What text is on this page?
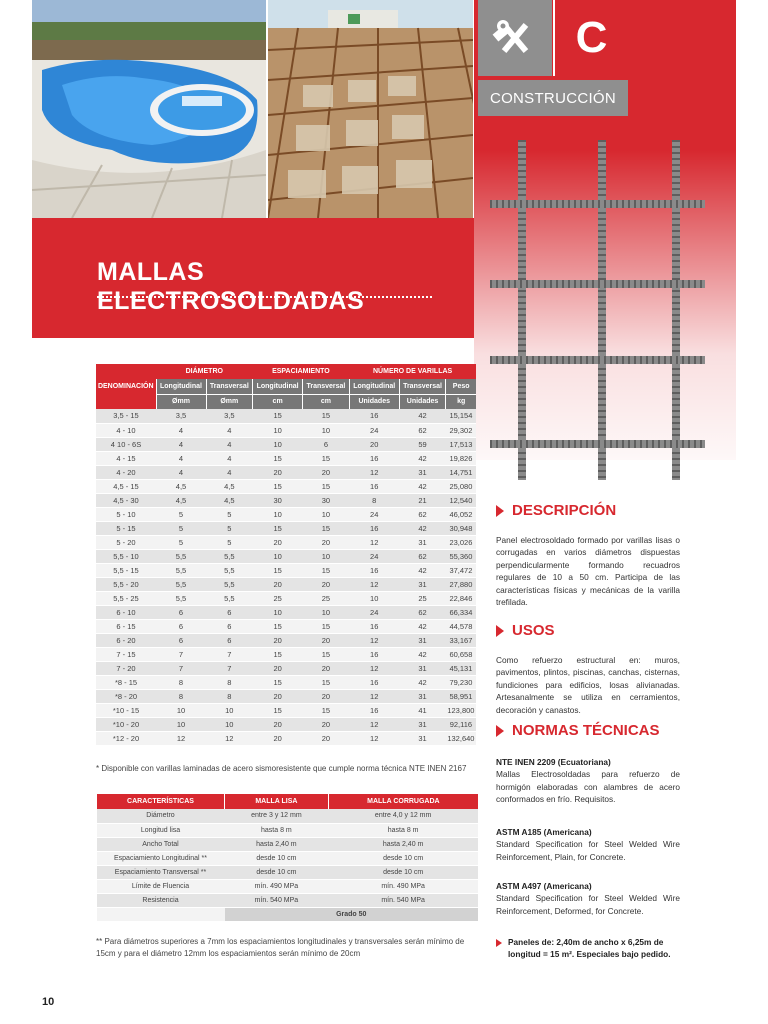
MALLAS ELECTROSOLDADAS
C
CONSTRUCCIÓN
DENOMINACIÓN	DIÁMETRO		ESPACIAMIENTO		NÚMERO DE VARILLAS		
	Longitudinal	Transversal	Longitudinal	Transversal	Longitudinal	Transversal	Peso
	Ømm	Ømm	cm	cm	Unidades	Unidades	kg
3,5 - 15	3,5	3,5	15	15	16	42	15,154
4 - 10	4	4	10	10	24	62	29,302
4 10 - 6S	4	4	10	6	20	59	17,513
4 - 15	4	4	15	15	16	42	19,826
4 - 20	4	4	20	20	12	31	14,751
4,5 - 15	4,5	4,5	15	15	16	42	25,080
4,5 - 30	4,5	4,5	30	30	8	21	12,540
5 - 10	5	5	10	10	24	62	46,052
5 - 15	5	5	15	15	16	42	30,948
5 - 20	5	5	20	20	12	31	23,026
5,5 - 10	5,5	5,5	10	10	24	62	55,360
5,5 - 15	5,5	5,5	15	15	16	42	37,472
5,5 - 20	5,5	5,5	20	20	12	31	27,880
5,5 - 25	5,5	5,5	25	25	10	25	22,846
6 - 10	6	6	10	10	24	62	66,334
6 - 15	6	6	15	15	16	42	44,578
6 - 20	6	6	20	20	12	31	33,167
7 - 15	7	7	15	15	16	42	60,658
7 - 20	7	7	20	20	12	31	45,131
*8 - 15	8	8	15	15	16	42	79,230
*8 - 20	8	8	20	20	12	31	58,951
*10 - 15	10	10	15	15	16	41	123,800
*10 - 20	10	10	20	20	12	31	92,116
*12 - 20	12	12	20	20	12	31	132,640
* Disponible con varillas laminadas de acero sismoresistente que cumple norma técnica NTE INEN 2167
CARACTERÍSTICAS	MALLA LISA	MALLA CORRUGADA
Diámetro	entre 3 y 12 mm	entre 4,0 y 12 mm
Longitud lisa	hasta 8 m	hasta 8 m
Ancho Total	hasta 2,40 m	hasta 2,40 m
Espaciamiento Longitudinal **	desde 10 cm	desde 10 cm
Espaciamiento Transversal **	desde 10 cm	desde 10 cm
Límite de Fluencia	mín. 490 MPa	mín. 490 MPa
Resistencia	mín. 540 MPa	mín. 540 MPa
	Grado 50	
** Para diámetros superiores a 7mm los espaciamientos longitudinales y transversales serán mínimo de 15cm y para el diámetro 12mm los espaciamientos serán mínimo de 20cm
DESCRIPCIÓN
Panel electrosoldado formado por varillas lisas o corrugadas en varios diámetros dispuestas perpendicularmente formando recuadros regulares de 10 a 50 cm. Participa de las características físicas y mecánicas de la varilla trefilada.
USOS
Como refuerzo estructural en: muros, pavimentos, plintos, piscinas, canchas, cisternas, fundiciones para edificios, losas alivianadas. Artesanalmente se utiliza en cerramientos, decoración y canastos.
NORMAS TÉCNICAS
NTE INEN 2209 (Ecuatoriana)
Mallas Electrosoldadas para refuerzo de hormigón elaboradas con alambres de acero conformados en frío. Requisitos.
ASTM A185 (Americana)
Standard Specification for Steel Welded Wire Reinforcement, Plain, for Concrete.
ASTM A497 (Americana)
Standard Specification for Steel Welded Wire Reinforcement, Deformed, for Concrete.
Paneles de: 2,40m de ancho x 6,25m de longitud = 15 m². Especiales bajo pedido.
10
